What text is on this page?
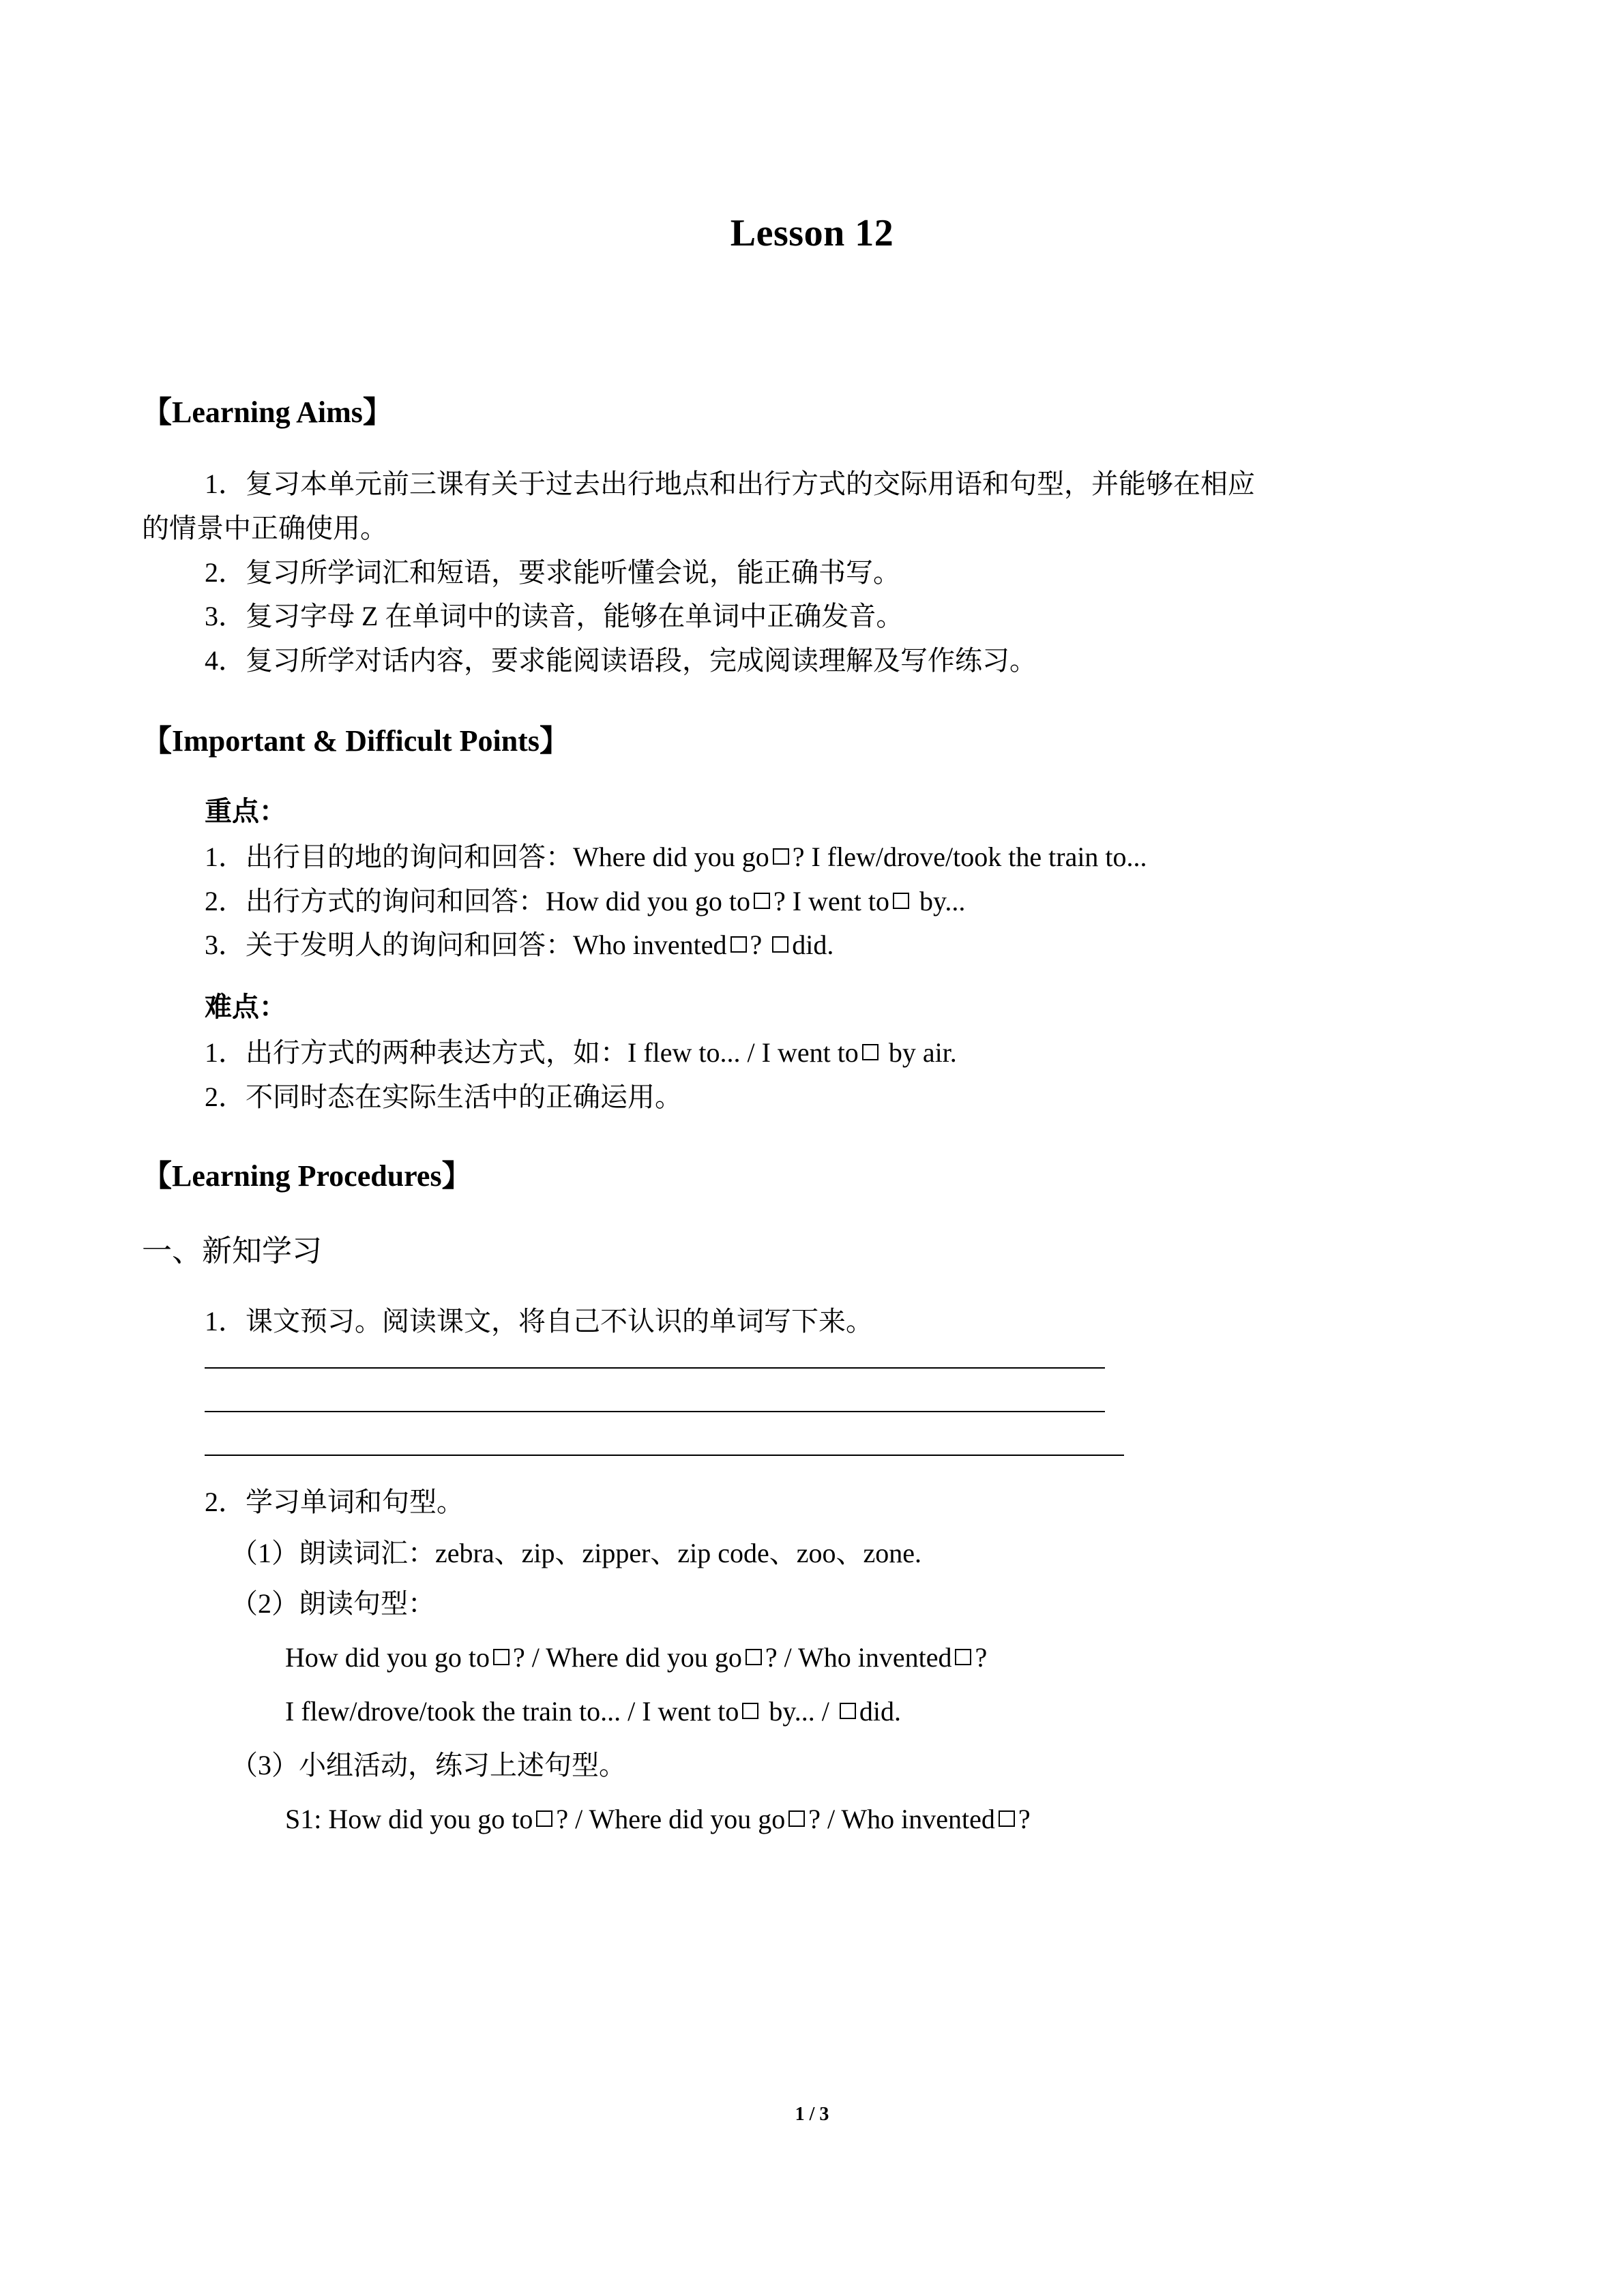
Lesson 12
【Learning Aims】
1．复习本单元前三课有关于过去出行地点和出行方式的交际用语和句型，并能够在相应
的情景中正确使用。
2．复习所学词汇和短语，要求能听懂会说，能正确书写。
3．复习字母 Z 在单词中的读音，能够在单词中正确发音。
4．复习所学对话内容，要求能阅读语段，完成阅读理解及写作练习。
【Important & Difficult Points】
重点：
1．出行目的地的询问和回答：Where did you go ? I flew/drove/took the train to...
2．出行方式的询问和回答：How did you go to ? I went to by...
3．关于发明人的询问和回答：Who invented ? did.
难点：
1．出行方式的两种表达方式，如：I flew to... / I went to by air.
2．不同时态在实际生活中的正确运用。
【Learning Procedures】
一、新知学习
1．课文预习。阅读课文，将自己不认识的单词写下来。
2．学习单词和句型。
（1）朗读词汇：zebra、zip、zipper、zip code、zoo、zone.
（2）朗读句型：
How did you go to ? / Where did you go ? / Who invented ?
I flew/drove/took the train to... / I went to by... / did.
（3）小组活动，练习上述句型。
S1: How did you go to ? / Where did you go ? / Who invented ?
1 / 3
